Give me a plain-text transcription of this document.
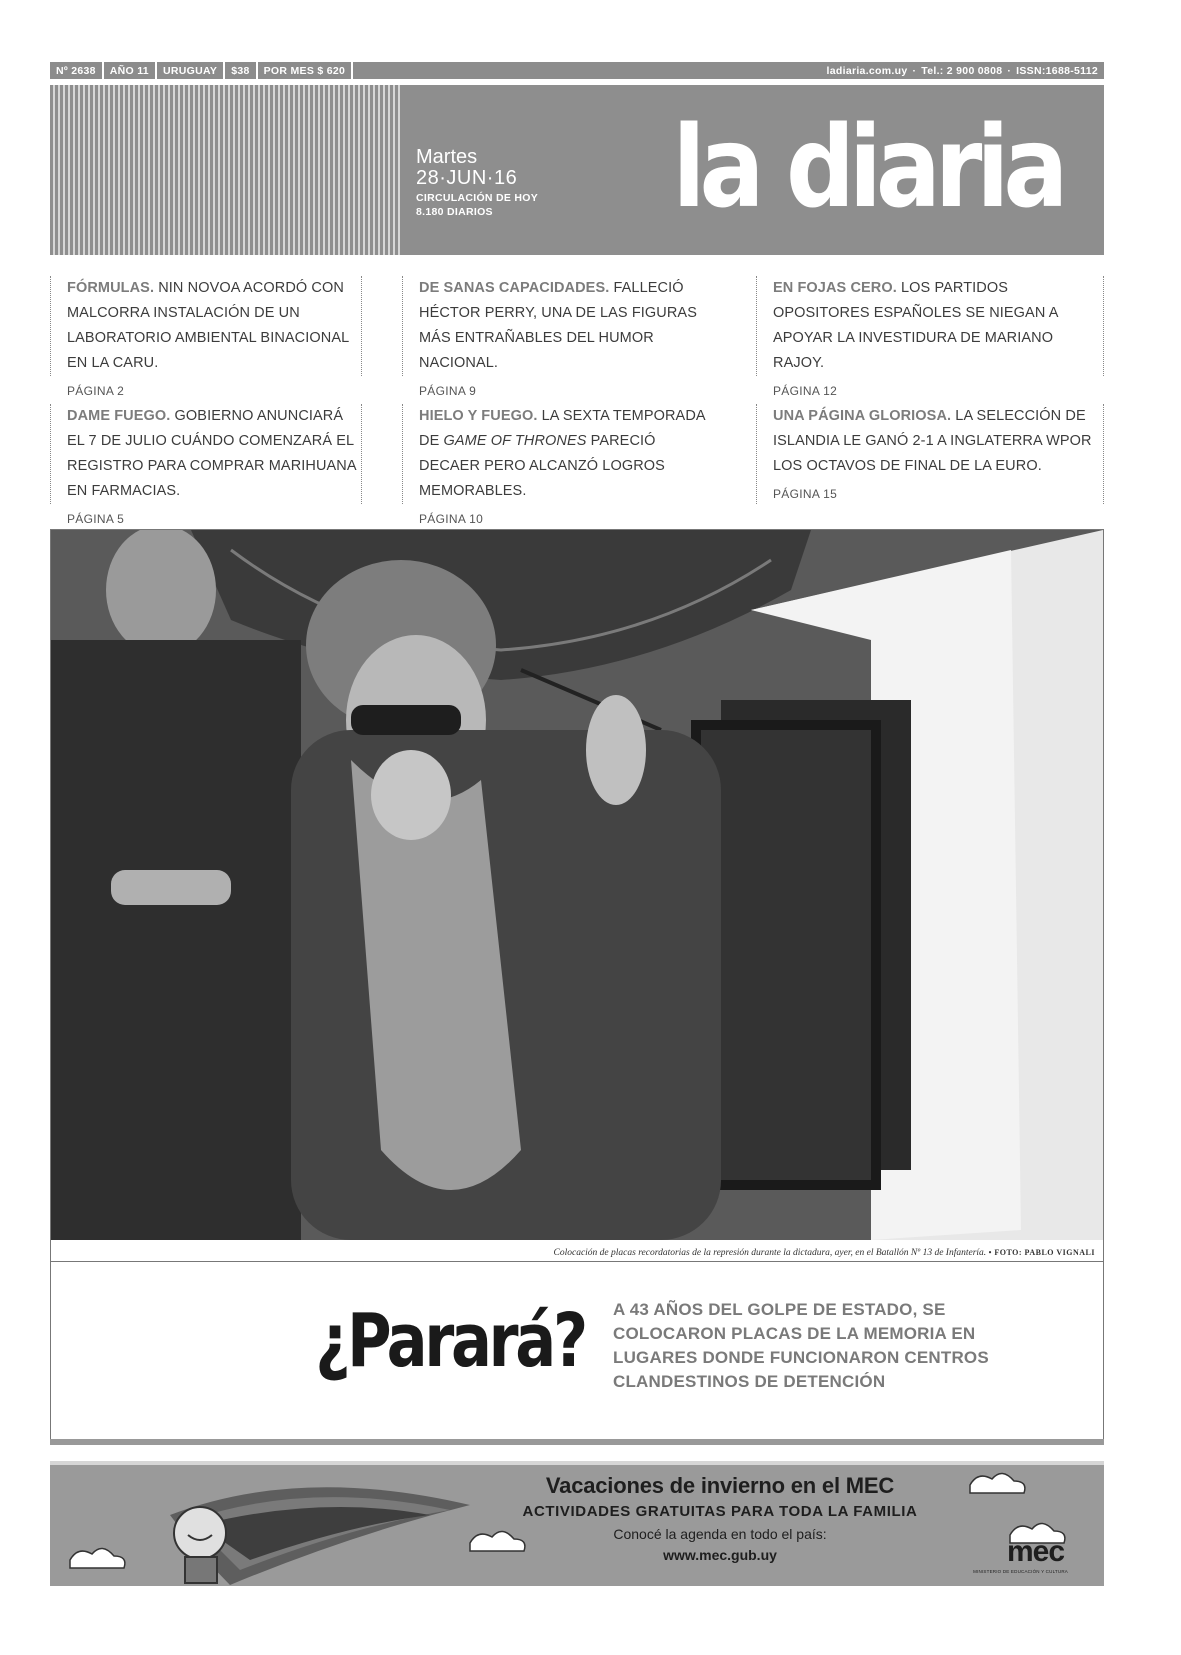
Nº 2638	AÑO 11	URUGUAY	$38	POR MES $ 620	ladiaria.com.uy · Tel.: 2 900 0808 · ISSN:1688-5112
Martes
28·JUN·16
CIRCULACIÓN DE HOY
8.180 DIARIOS	la diaria
FÓRMULAS. NIN NOVOA ACORDÓ CON MALCORRA INSTALACIÓN DE UN LABORATORIO AMBIENTAL BINACIONAL EN LA CARU.
PÁGINA 2
DE SANAS CAPACIDADES. FALLECIÓ HÉCTOR PERRY, UNA DE LAS FIGURAS MÁS ENTRAÑABLES DEL HUMOR NACIONAL.
PÁGINA 9
EN FOJAS CERO. LOS PARTIDOS OPOSITORES ESPAÑOLES SE NIEGAN A APOYAR LA INVESTIDURA DE MARIANO RAJOY.
PÁGINA 12
DAME FUEGO. GOBIERNO ANUNCIARÁ EL 7 DE JULIO CUÁNDO COMENZARÁ EL REGISTRO PARA COMPRAR MARIHUANA EN FARMACIAS.
PÁGINA 5
HIELO Y FUEGO. LA SEXTA TEMPORADA DE GAME OF THRONES PARECIÓ DECAER PERO ALCANZÓ LOGROS MEMORABLES.
PÁGINA 10
UNA PÁGINA GLORIOSA. LA SELECCIÓN DE ISLANDIA LE GANÓ 2-1 A INGLATERRA WPOR LOS OCTAVOS DE FINAL DE LA EURO.
PÁGINA 15
Colocación de placas recordatorias de la represión durante la dictadura, ayer, en el Batallón Nº 13 de Infantería. • FOTO: PABLO VIGNALI
¿Parará? A 43 AÑOS DEL GOLPE DE ESTADO, SE COLOCARON PLACAS DE LA MEMORIA EN LUGARES DONDE FUNCIONARON CENTROS CLANDESTINOS DE DETENCIÓN
Vacaciones de invierno en el MEC
ACTIVIDADES GRATUITAS PARA TODA LA FAMILIA
Conocé la agenda en todo el país:
www.mec.gub.uy	mec
MINISTERIO DE EDUCACIÓN Y CULTURA
